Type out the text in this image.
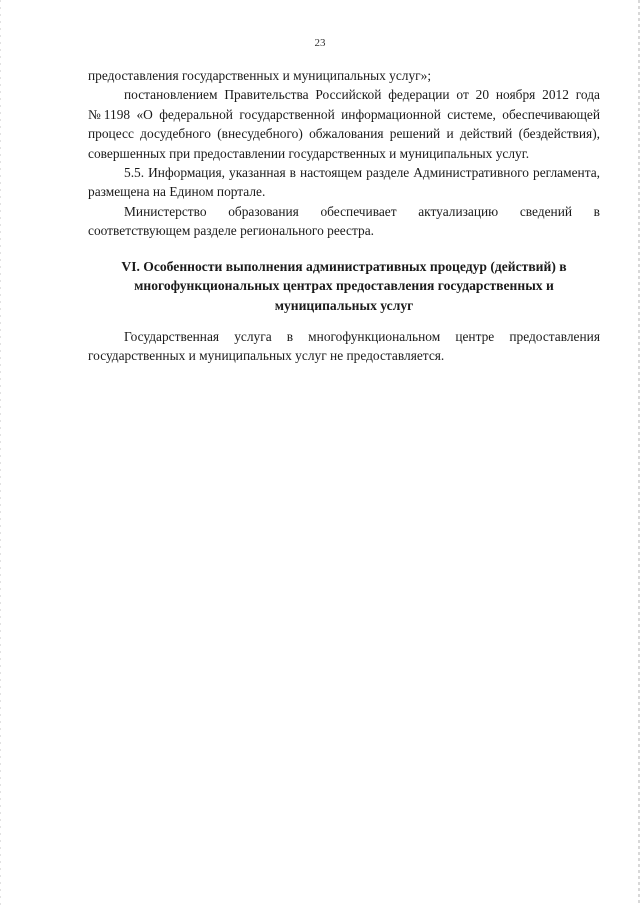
23

предоставления государственных и муниципальных услуг»;

постановлением Правительства Российской федерации от 20 ноября 2012 года №1198 «О федеральной государственной информационной системе, обеспечивающей процесс досудебного (внесудебного) обжалования решений и действий (бездействия), совершенных при предоставлении государственных и муниципальных услуг.

5.5. Информация, указанная в настоящем разделе Административного регламента, размещена на Едином портале.

Министерство образования обеспечивает актуализацию сведений в соответствующем разделе регионального реестра.

VI. Особенности выполнения административных процедур (действий) в многофункциональных центрах предоставления государственных и муниципальных услуг

Государственная услуга в многофункциональном центре предоставления государственных и муниципальных услуг не предоставляется.
